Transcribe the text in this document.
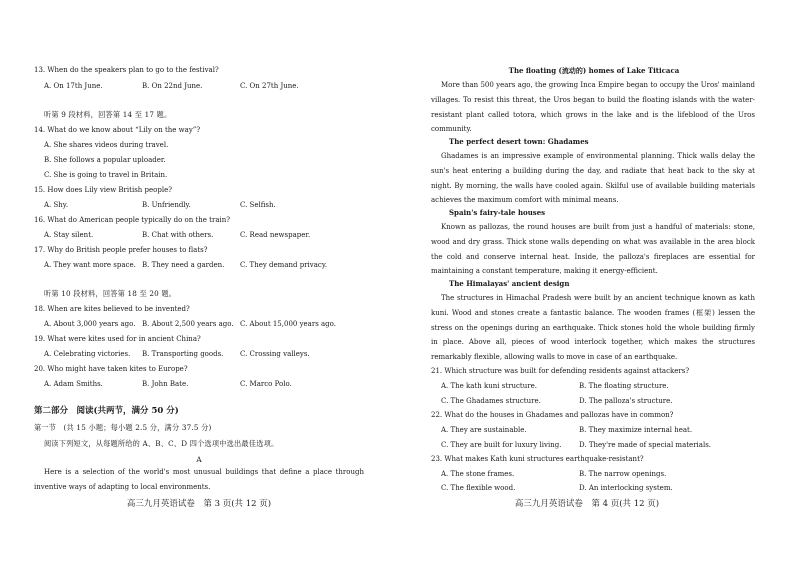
13. When do the speakers plan to go to the festival?
A. On 17th June.	B. On 22nd June.	C. On 27th June.
听第 9 段材料，回答第 14 至 17 题。
14. What do we know about “Lily on the way”?
A. She shares videos during travel.
B. She follows a popular uploader.
C. She is going to travel in Britain.
15. How does Lily view British people?
A. Shy.	B. Unfriendly.	C. Selfish.
16. What do American people typically do on the train?
A. Stay silent.	B. Chat with others.	C. Read newspaper.
17. Why do British people prefer houses to flats?
A. They want more space. B. They need a garden. C. They demand privacy.
听第 10 段材料，回答第 18 至 20 题。
18. When are kites believed to be invented?
A. About 3,000 years ago. B. About 2,500 years ago. C. About 15,000 years ago.
19. What were kites used for in ancient China?
A. Celebrating victories. B. Transporting goods. C. Crossing valleys.
20. Who might have taken kites to Europe?
A. Adam Smiths.	B. John Bate.	C. Marco Polo.
第二部分　阅读(共两节，满分 50 分)
第一节　(共 15 小题；每小题 2.5 分，满分 37.5 分)
阅读下列短文，从每题所给的 A、B、C、D 四个选项中选出最佳选项。
A
Here is a selection of the world's most unusual buildings that define a place through inventive ways of adapting to local environments.
高三九月英语试卷　第 3 页(共 12 页)
The floating (流动的) homes of Lake Titicaca
More than 500 years ago, the growing Inca Empire began to occupy the Uros' mainland villages. To resist this threat, the Uros began to build the floating islands with the water-resistant plant called totora, which grows in the lake and is the lifeblood of the Uros community.
The perfect desert town: Ghadames
Ghadames is an impressive example of environmental planning. Thick walls delay the sun's heat entering a building during the day, and radiate that heat back to the sky at night. By morning, the walls have cooled again. Skilful use of available building materials achieves the maximum comfort with minimal means.
Spain's fairy-tale houses
Known as pallozas, the round houses are built from just a handful of materials: stone, wood and dry grass. Thick stone walls depending on what was available in the area block the cold and conserve internal heat. Inside, the palloza's fireplaces are essential for maintaining a constant temperature, making it energy-efficient.
The Himalayas' ancient design
The structures in Himachal Pradesh were built by an ancient technique known as kath kuni. Wood and stones create a fantastic balance. The wooden frames (框架) lessen the stress on the openings during an earthquake. Thick stones hold the whole building firmly in place. Above all, pieces of wood interlock together, which makes the structures remarkably flexible, allowing walls to move in case of an earthquake.
21. Which structure was built for defending residents against attackers?
A. The kath kuni structure.	B. The floating structure.
C. The Ghadames structure.	D. The palloza's structure.
22. What do the houses in Ghadames and pallozas have in common?
A. They are sustainable.	B. They maximize internal heat.
C. They are built for luxury living.	D. They're made of special materials.
23. What makes Kath kuni structures earthquake-resistant?
A. The stone frames.	B. The narrow openings.
C. The flexible wood.	D. An interlocking system.
高三九月英语试卷　第 4 页(共 12 页)
